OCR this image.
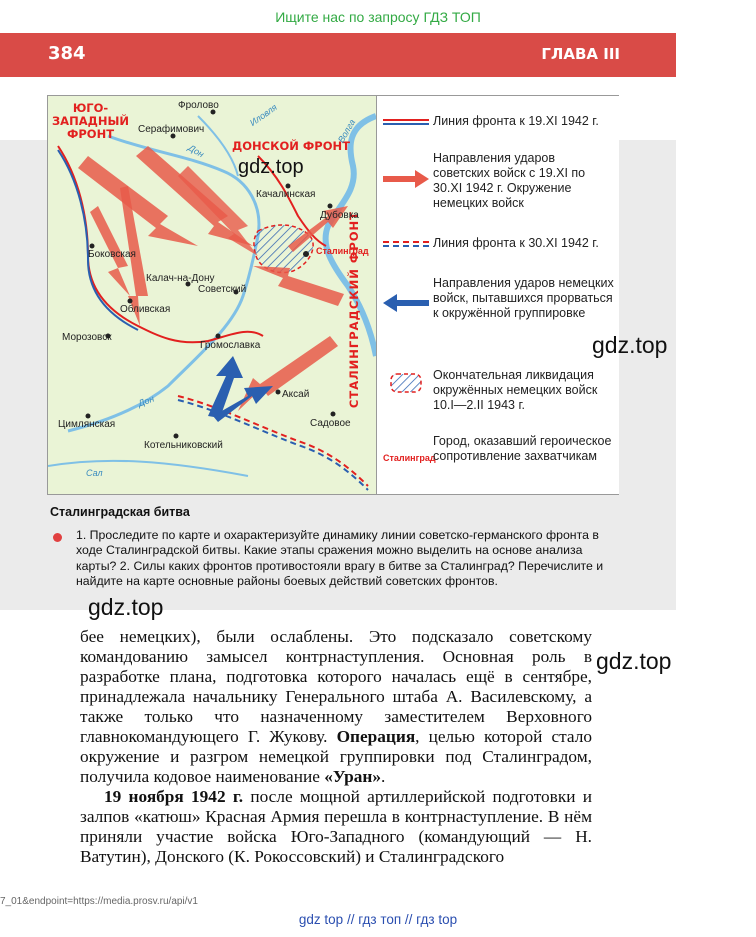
Ищите нас по запросу ГДЗ ТОП
384	ГЛАВА III
ЮГО-
ЗАПАДНЫЙ
ФРОНТ
ДОНСКОЙ ФРОНТ
СТАЛИНГРАДСКИЙ ФРОНТ
Фролово
Серафимович
Качалинская
Дубовка
Сталинград
Боковская
Калач-на-Дону
Советский
Обливская
Морозовск
Громославка
Аксай
Цимлянская	Садовое
Котельниковский
Иловля
Волга
Дон
Дон
Сал
gdz.top
Линия фронта к 19.XI 1942 г.
Направления ударов советских войск с 19.XI по 30.XI 1942 г. Окружение немецких войск
Линия фронта к 30.XI 1942 г.
Направления ударов немецких войск, пытавшихся прорваться к окружённой группировке
Окончательная ликвидация окружённых немецких войск 10.I—2.II 1943 г.
Сталинград
Город, оказавший героическое сопротивление захватчикам
Сталинградская битва
1. Проследите по карте и охарактеризуйте динамику линии советско-германского фронта в ходе Сталинградской битвы. Какие этапы сражения можно выделить на основе анализа карты? 2. Силы каких фронтов противостояли врагу в битве за Сталинград? Перечислите и найдите на карте основные районы боевых действий советских фронтов.
gdz.top
gdz.top
gdz.top

бее немецких), были ослаблены. Это подсказало советскому командованию замысел контрнаступления. Основная роль в разработке плана, подготовка которого началась ещё в сентябре, принадлежала начальнику Генерального штаба А. Василевскому, а также только что назначенному заместителем Верховного главнокомандующего Г. Жукову. Операция, целью которой стало окружение и разгром немецкой группировки под Сталинградом, получила кодовое наименование «Уран».

19 ноября 1942 г. после мощной артиллерийской подготовки и залпов «катюш» Красная Армия перешла в контрнаступление. В нём приняли участие войска Юго-Западного (командующий — Н. Ватутин), Донского (К. Рокоссовский) и Сталинградского

7_01&endpoint=https://media.prosv.ru/api/v1
gdz top // гдз топ // гдз top
